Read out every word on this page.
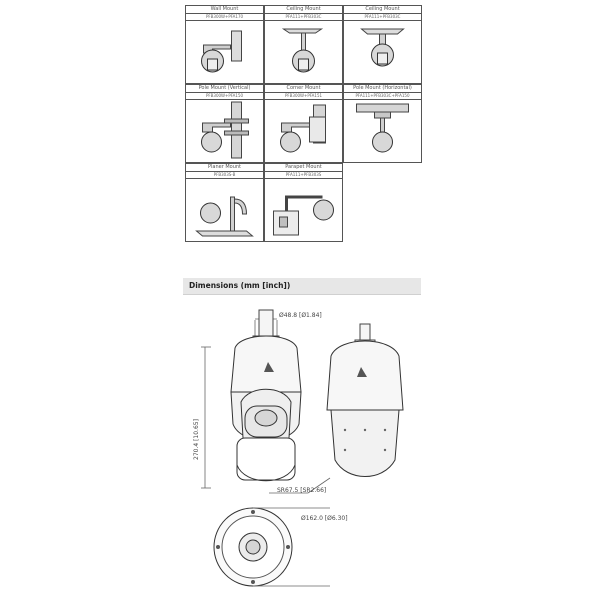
Wall Mount
PFB300W+PFA170
Ceiling Mount
PFA111+PFB303C
Ceiling Mount
PFA111+PFB303C
Pole Mount (Vertical)
PFB300W+PFA150
Corner Mount
PFB300W+PFA151
Pole Mount (Horizontal)
PFA111+PFB303C+PFA150
Planer Mount
PFB303S-B
Parapet Mount
PFA111+PFB303S
Dimensions (mm [inch])
Ø48.8 [Ø1.84]
270.4 [10.65]
SR67.5 [SR2.66]
Ø162.0 [Ø6.30]
